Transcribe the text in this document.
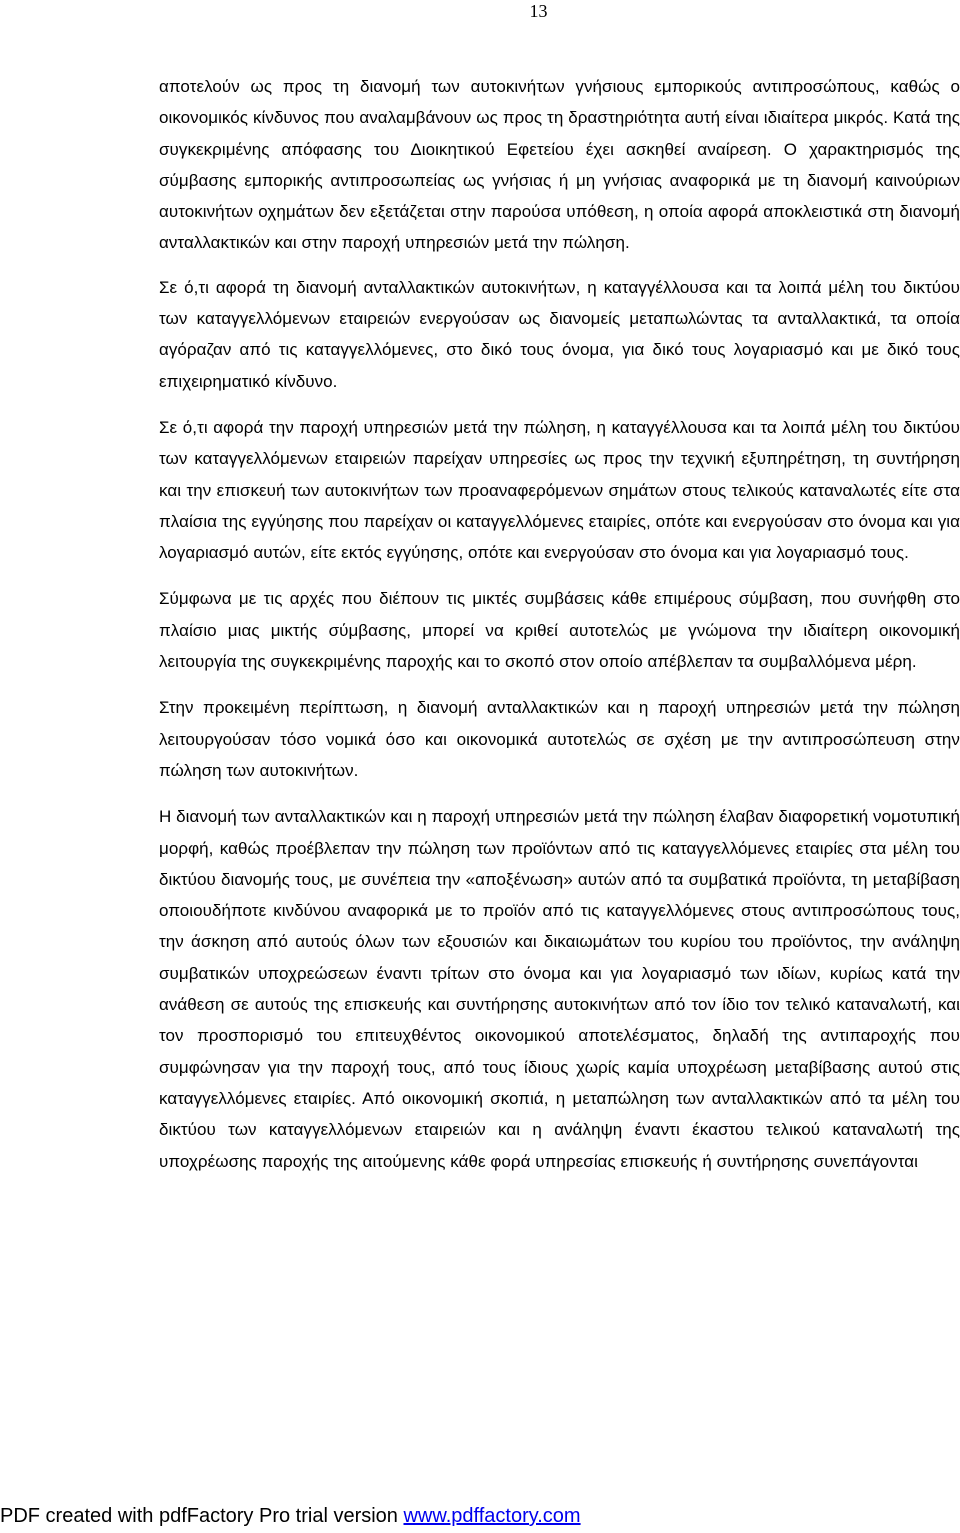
13

αποτελούν ως προς τη διανομή των αυτοκινήτων γνήσιους εμπορικούς αντιπροσώπους, καθώς ο οικονομικός κίνδυνος που αναλαμβάνουν ως προς τη δραστηριότητα αυτή είναι ιδιαίτερα μικρός. Κατά της συγκεκριμένης απόφασης του Διοικητικού Εφετείου έχει ασκηθεί αναίρεση. Ο χαρακτηρισμός της σύμβασης εμπορικής αντιπροσωπείας ως γνήσιας ή μη γνήσιας αναφορικά με τη διανομή καινούριων αυτοκινήτων οχημάτων δεν εξετάζεται στην παρούσα υπόθεση, η οποία αφορά αποκλειστικά στη διανομή ανταλλακτικών και στην παροχή υπηρεσιών μετά την πώληση.

Σε ό,τι αφορά τη διανομή ανταλλακτικών αυτοκινήτων, η καταγγέλλουσα και τα λοιπά μέλη του δικτύου των καταγγελλόμενων εταιρειών ενεργούσαν ως διανομείς μεταπωλώντας τα ανταλλακτικά, τα οποία αγόραζαν από τις καταγγελλόμενες, στο δικό τους όνομα, για δικό τους λογαριασμό και με δικό τους επιχειρηματικό κίνδυνο.

Σε ό,τι αφορά την παροχή υπηρεσιών μετά την πώληση, η καταγγέλλουσα και τα λοιπά μέλη του δικτύου των καταγγελλόμενων εταιρειών παρείχαν υπηρεσίες ως προς την τεχνική εξυπηρέτηση, τη συντήρηση και την επισκευή των αυτοκινήτων των προαναφερόμενων σημάτων στους τελικούς καταναλωτές είτε στα πλαίσια της εγγύησης που παρείχαν οι καταγγελλόμενες εταιρίες, οπότε και ενεργούσαν στο όνομα και για λογαριασμό αυτών, είτε εκτός εγγύησης, οπότε και ενεργούσαν στο όνομα και για λογαριασμό τους.

Σύμφωνα με τις αρχές που διέπουν τις μικτές συμβάσεις κάθε επιμέρους σύμβαση, που συνήφθη στο πλαίσιο μιας μικτής σύμβασης, μπορεί να κριθεί αυτοτελώς με γνώμονα την ιδιαίτερη οικονομική λειτουργία της συγκεκριμένης παροχής και το σκοπό στον οποίο απέβλεπαν τα συμβαλλόμενα μέρη.

Στην προκειμένη περίπτωση, η διανομή ανταλλακτικών και η παροχή υπηρεσιών μετά την πώληση λειτουργούσαν τόσο νομικά όσο και οικονομικά αυτοτελώς σε σχέση με την αντιπροσώπευση στην πώληση των αυτοκινήτων.

Η διανομή των ανταλλακτικών και η παροχή υπηρεσιών μετά την πώληση έλαβαν διαφορετική νομοτυπική μορφή, καθώς προέβλεπαν την πώληση των προϊόντων από τις καταγγελλόμενες εταιρίες στα μέλη του δικτύου διανομής τους, με συνέπεια την «αποξένωση» αυτών από τα συμβατικά προϊόντα, τη μεταβίβαση οποιουδήποτε κινδύνου αναφορικά με το προϊόν από τις καταγγελλόμενες στους αντιπροσώπους τους, την άσκηση από αυτούς όλων των εξουσιών και δικαιωμάτων του κυρίου του προϊόντος, την ανάληψη συμβατικών υποχρεώσεων έναντι τρίτων στο όνομα και για λογαριασμό των ιδίων, κυρίως κατά την ανάθεση σε αυτούς της επισκευής και συντήρησης αυτοκινήτων από τον ίδιο τον τελικό καταναλωτή, και τον προσπορισμό του επιτευχθέντος οικονομικού αποτελέσματος, δηλαδή της αντιπαροχής που συμφώνησαν για την παροχή τους, από τους ίδιους χωρίς καμία υποχρέωση μεταβίβασης αυτού στις καταγγελλόμενες εταιρίες. Από οικονομική σκοπιά, η μεταπώληση των ανταλλακτικών από τα μέλη του δικτύου των καταγγελλόμενων εταιρειών και η ανάληψη έναντι έκαστου τελικού καταναλωτή της υποχρέωσης παροχής της αιτούμενης κάθε φορά υπηρεσίας επισκευής ή συντήρησης συνεπάγονται

PDF created with pdfFactory Pro trial version www.pdffactory.com
